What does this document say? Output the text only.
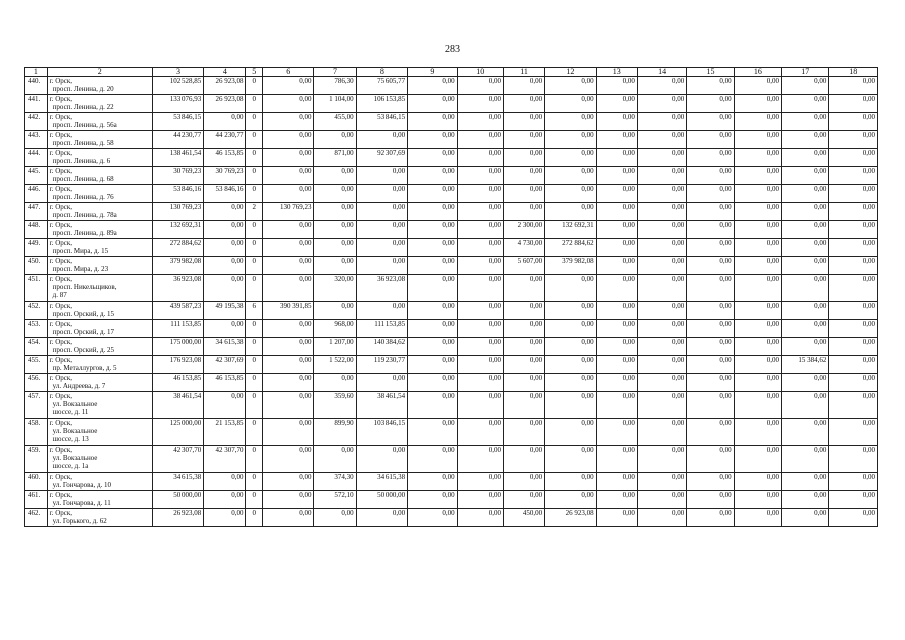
283
1	2	3	4	5	6	7	8	9	10	11	12	13	14	15	16	17	18
440.	г. Орск,
просп. Ленина, д. 20	102 528,85	26 923,08	0	0,00	786,30	75 605,77	0,00	0,00	0,00	0,00	0,00	0,00	0,00	0,00	0,00	0,00
441.	г. Орск,
просп. Ленина, д. 22	133 076,93	26 923,08	0	0,00	1 104,00	106 153,85	0,00	0,00	0,00	0,00	0,00	0,00	0,00	0,00	0,00	0,00
442.	г. Орск,
просп. Ленина, д. 56а	53 846,15	0,00	0	0,00	455,00	53 846,15	0,00	0,00	0,00	0,00	0,00	0,00	0,00	0,00	0,00	0,00
443.	г. Орск,
просп. Ленина, д. 58	44 230,77	44 230,77	0	0,00	0,00	0,00	0,00	0,00	0,00	0,00	0,00	0,00	0,00	0,00	0,00	0,00
444.	г. Орск,
просп. Ленина, д. 6	138 461,54	46 153,85	0	0,00	871,00	92 307,69	0,00	0,00	0,00	0,00	0,00	0,00	0,00	0,00	0,00	0,00
445.	г. Орск,
просп. Ленина, д. 68	30 769,23	30 769,23	0	0,00	0,00	0,00	0,00	0,00	0,00	0,00	0,00	0,00	0,00	0,00	0,00	0,00
446.	г. Орск,
просп. Ленина, д. 76	53 846,16	53 846,16	0	0,00	0,00	0,00	0,00	0,00	0,00	0,00	0,00	0,00	0,00	0,00	0,00	0,00
447.	г. Орск,
просп. Ленина, д. 78а	130 769,23	0,00	2	130 769,23	0,00	0,00	0,00	0,00	0,00	0,00	0,00	0,00	0,00	0,00	0,00	0,00
448.	г. Орск,
просп. Ленина, д. 89а	132 692,31	0,00	0	0,00	0,00	0,00	0,00	0,00	2 300,00	132 692,31	0,00	0,00	0,00	0,00	0,00	0,00
449.	г. Орск,
просп. Мира, д. 15	272 884,62	0,00	0	0,00	0,00	0,00	0,00	0,00	4 730,00	272 884,62	0,00	0,00	0,00	0,00	0,00	0,00
450.	г. Орск,
просп. Мира, д. 23	379 982,08	0,00	0	0,00	0,00	0,00	0,00	0,00	5 607,00	379 982,08	0,00	0,00	0,00	0,00	0,00	0,00
451.	г. Орск,
просп. Никельщиков,
д. 87	36 923,08	0,00	0	0,00	320,00	36 923,08	0,00	0,00	0,00	0,00	0,00	0,00	0,00	0,00	0,00	0,00
452.	г. Орск,
просп. Орский, д. 15	439 587,23	49 195,38	6	390 391,85	0,00	0,00	0,00	0,00	0,00	0,00	0,00	0,00	0,00	0,00	0,00	0,00
453.	г. Орск,
просп. Орский, д. 17	111 153,85	0,00	0	0,00	968,00	111 153,85	0,00	0,00	0,00	0,00	0,00	0,00	0,00	0,00	0,00	0,00
454.	г. Орск,
просп. Орский, д. 25	175 000,00	34 615,38	0	0,00	1 207,00	140 384,62	0,00	0,00	0,00	0,00	0,00	0,00	0,00	0,00	0,00	0,00
455.	г. Орск,
пр. Металлургов, д. 5	176 923,08	42 307,69	0	0,00	1 522,00	119 230,77	0,00	0,00	0,00	0,00	0,00	0,00	0,00	0,00	15 384,62	0,00
456.	г. Орск,
ул. Андреева, д. 7	46 153,85	46 153,85	0	0,00	0,00	0,00	0,00	0,00	0,00	0,00	0,00	0,00	0,00	0,00	0,00	0,00
457.	г. Орск,
ул. Вокзальное
шоссе, д. 11	38 461,54	0,00	0	0,00	359,60	38 461,54	0,00	0,00	0,00	0,00	0,00	0,00	0,00	0,00	0,00	0,00
458.	г. Орск,
ул. Вокзальное
шоссе, д. 13	125 000,00	21 153,85	0	0,00	899,90	103 846,15	0,00	0,00	0,00	0,00	0,00	0,00	0,00	0,00	0,00	0,00
459.	г. Орск,
ул. Вокзальное
шоссе, д. 1а	42 307,70	42 307,70	0	0,00	0,00	0,00	0,00	0,00	0,00	0,00	0,00	0,00	0,00	0,00	0,00	0,00
460.	г. Орск,
ул. Гончарова, д. 10	34 615,38	0,00	0	0,00	374,30	34 615,38	0,00	0,00	0,00	0,00	0,00	0,00	0,00	0,00	0,00	0,00
461.	г. Орск,
ул. Гончарова, д. 11	50 000,00	0,00	0	0,00	572,10	50 000,00	0,00	0,00	0,00	0,00	0,00	0,00	0,00	0,00	0,00	0,00
462.	г. Орск,
ул. Горького, д. 62	26 923,08	0,00	0	0,00	0,00	0,00	0,00	0,00	450,00	26 923,08	0,00	0,00	0,00	0,00	0,00	0,00
